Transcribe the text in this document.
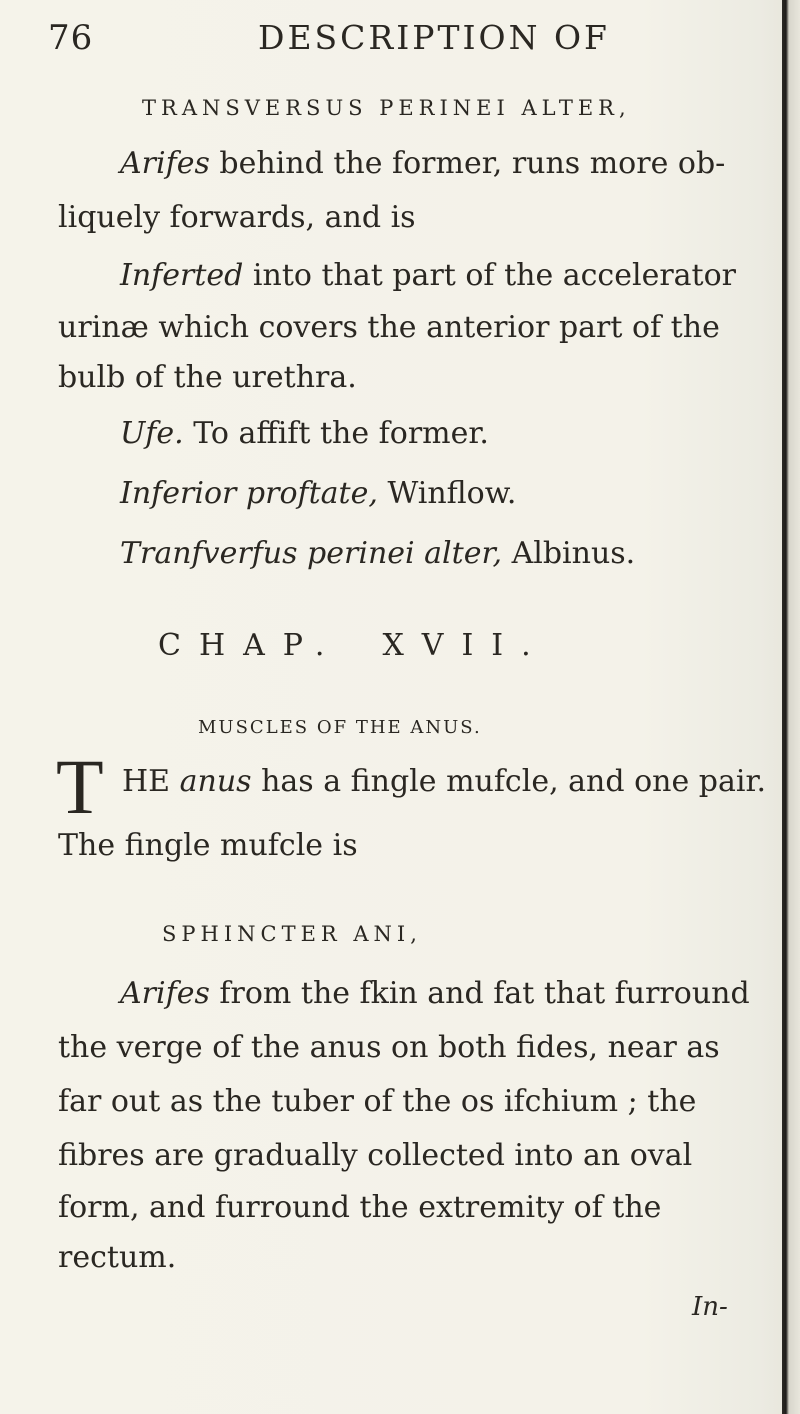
76	DESCRIPTION OF
TRANSVERSUS PERINEI ALTER,
Arifes behind the former, runs more ob-
liquely forwards, and is
Inferted into that part of the accelerator
urinæ which covers the anterior part of the
bulb of the urethra.
Ufe. To affift the former.
Inferior proftate, Winflow.
Tranfverfus perinei alter, Albinus.
CHAP. XVII.
MUSCLES OF THE ANUS.
T HE anus has a fingle mufcle, and one pair.
The fingle mufcle is
SPHINCTER ANI,
Arifes from the fkin and fat that furround
the verge of the anus on both fides, near as
far out as the tuber of the os ifchium ; the
fibres are gradually collected into an oval
form, and furround the extremity of the
rectum.
In-
